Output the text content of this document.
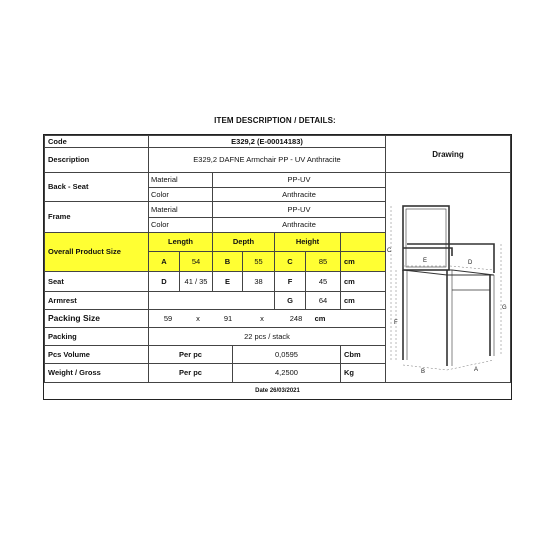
ITEM DESCRIPTION / DETAILS:
Code	E329,2 (E-00014183)
Description	E329,2 DAFNE Armchair PP - UV Anthracite
Back - Seat
Material	PP-UV
Color	Anthracite
Frame
Material	PP-UV
Color	Anthracite
Overall Product Size
Length	Depth	Height
A	54	B	55	C	85	cm
Seat	D	41 / 35	E	38	F	45	cm
Armrest	G	64	cm
Packing Size	59	x	91	x	248	cm
Packing	22 pcs / stack
Pcs Volume	Per pc	0,0595	Cbm
Weight / Gross	Per pc	4,2500	Kg
Drawing
C
F
G
E	D
B	A
Date 26/03/2021
